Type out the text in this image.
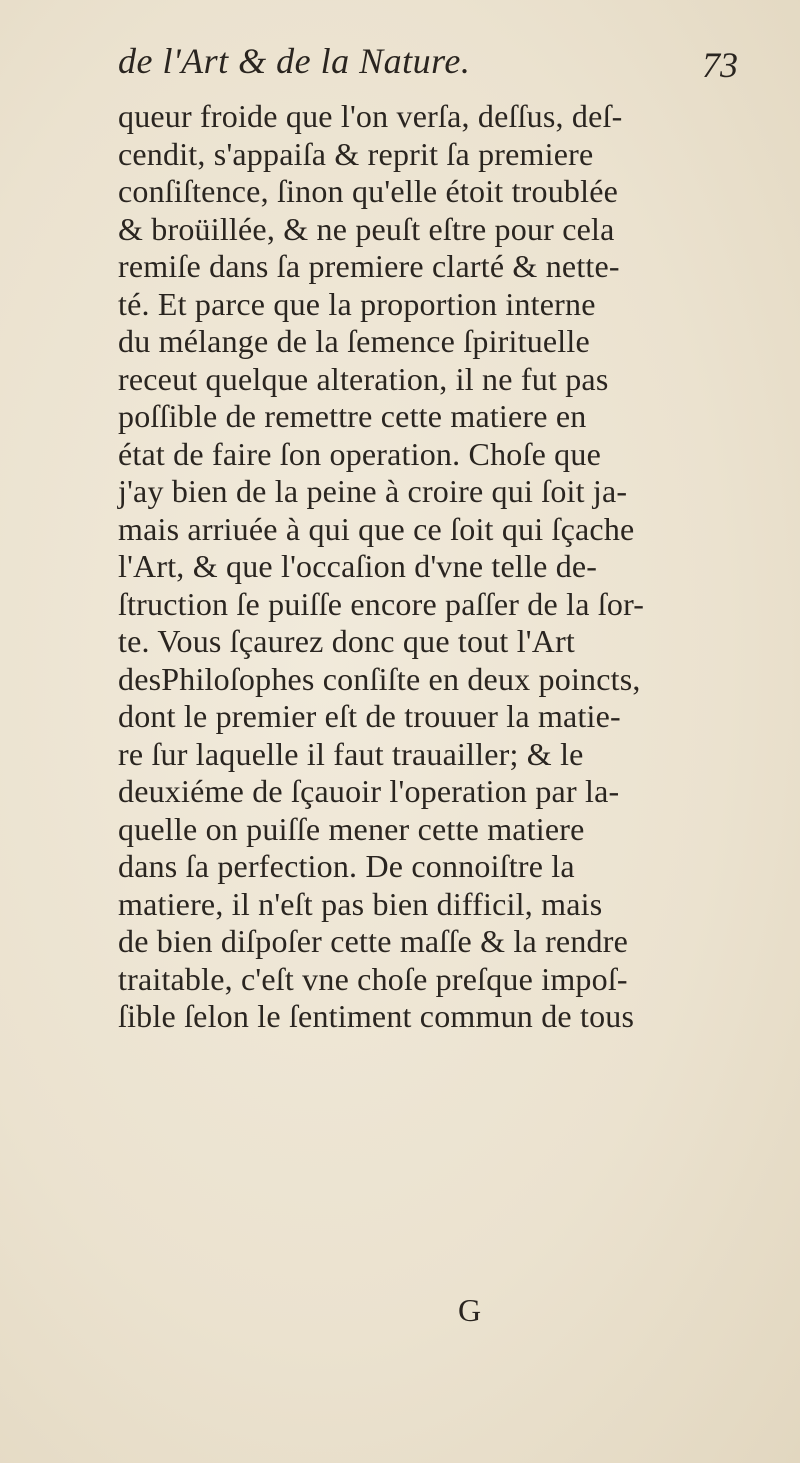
de l'Art & de la Nature.	73
queur froide que l'on verſa, deſſus, deſ-
cendit, s'appaiſa & reprit ſa premiere
conſiſtence, ſinon qu'elle étoit troublée
& broüillée, & ne peuſt eſtre pour cela
remiſe dans ſa premiere clarté & nette-
té. Et parce que la proportion interne
du mélange de la ſemence ſpirituelle
receut quelque alteration, il ne fut pas
poſſible de remettre cette matiere en
état de faire ſon operation. Choſe que
j'ay bien de la peine à croire qui ſoit ja-
mais arriuée à qui que ce ſoit qui ſçache
l'Art, & que l'occaſion d'vne telle de-
ſtruction ſe puiſſe encore paſſer de la ſor-
te. Vous ſçaurez donc que tout l'Art
desPhiloſophes conſiſte en deux poincts,
dont le premier eſt de trouuer la matie-
re ſur laquelle il faut trauailler; & le
deuxiéme de ſçauoir l'operation par la-
quelle on puiſſe mener cette matiere
dans ſa perfection. De connoiſtre la
matiere, il n'eſt pas bien difficil, mais
de bien diſpoſer cette maſſe & la rendre
traitable, c'eſt vne choſe preſque impoſ-
ſible ſelon le ſentiment commun de tous
G
